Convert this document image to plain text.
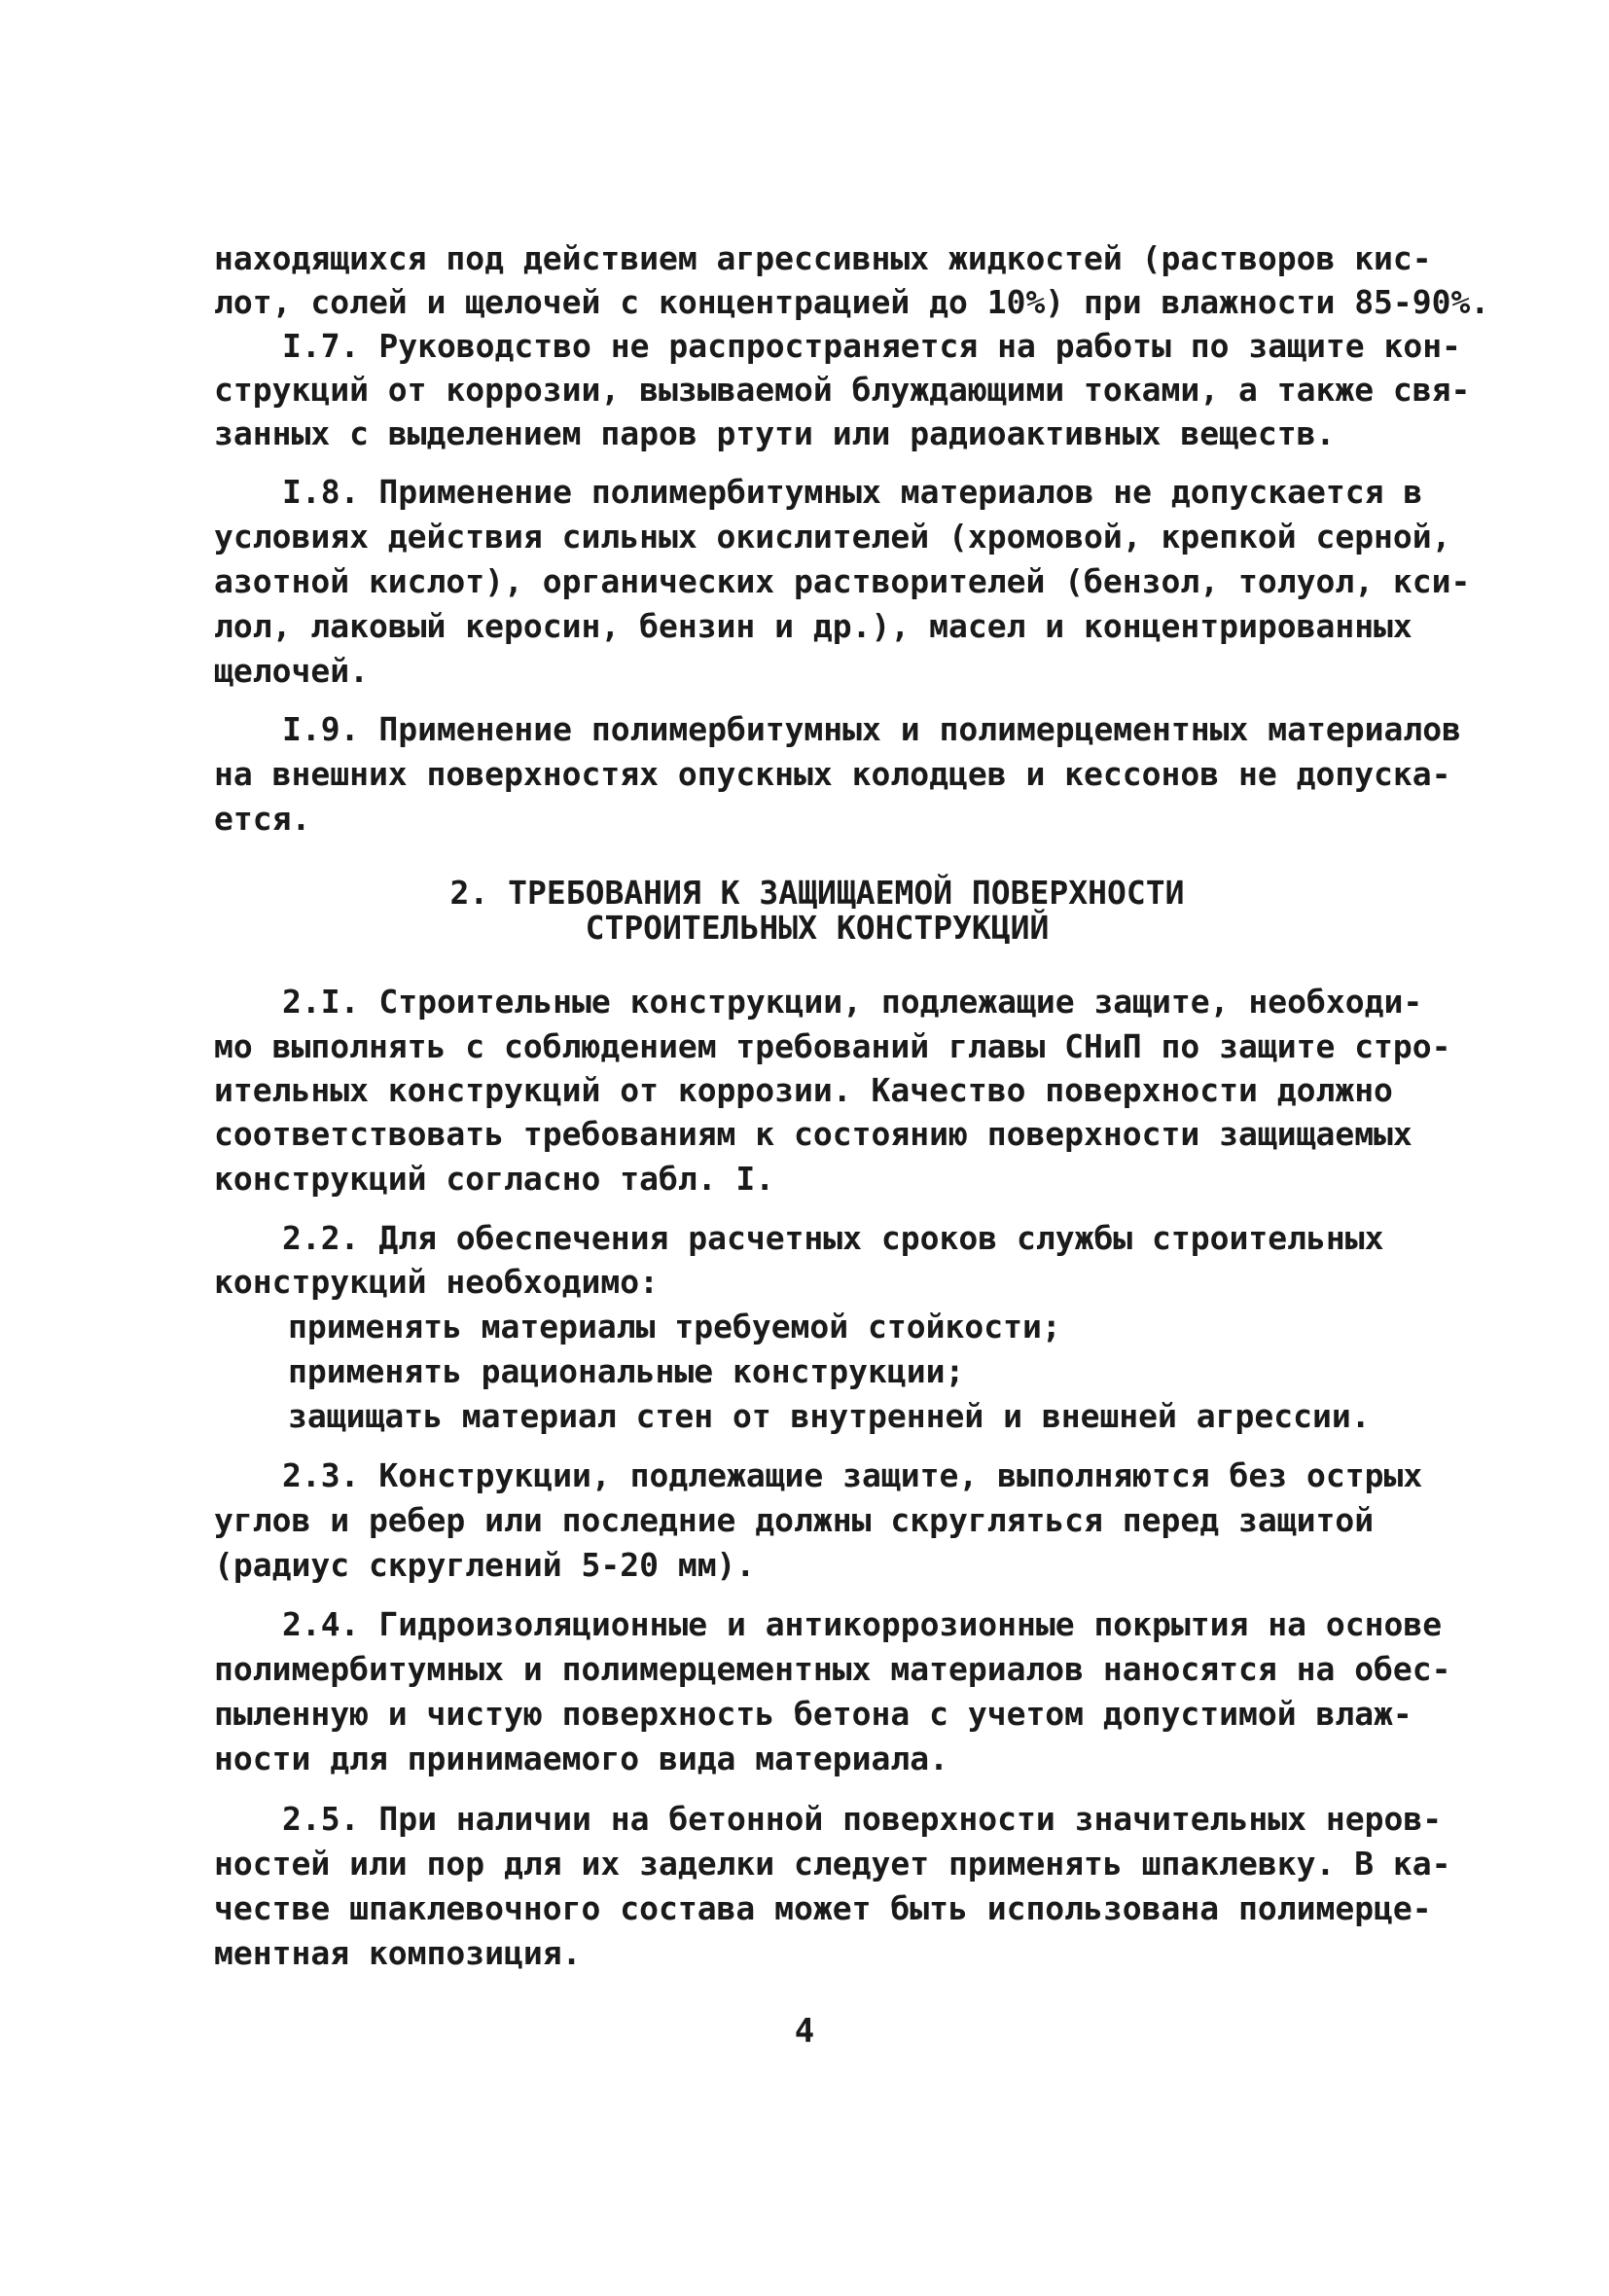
находящихся под действием агрессивных жидкостей (растворов кис-
лот, солей и щелочей с концентрацией до 10%) при влажности 85-90%.
I.7. Руководство не распространяется на работы по защите кон-
струкций от коррозии, вызываемой блуждающими токами, а также свя-
занных с выделением паров ртути или радиоактивных веществ.
I.8. Применение полимербитумных материалов не допускается в
условиях действия сильных окислителей (хромовой, крепкой серной,
азотной кислот), органических растворителей (бензол, толуол, кси-
лол, лаковый керосин, бензин и др.), масел и концентрированных
щелочей.
I.9. Применение полимербитумных и полимерцементных материалов
на внешних поверхностях опускных колодцев и кессонов не допуска-
ется.
2. ТРЕБОВАНИЯ К ЗАЩИЩАЕМОЙ ПОВЕРХНОСТИ
СТРОИТЕЛЬНЫХ КОНСТРУКЦИЙ
2.I. Строительные конструкции, подлежащие защите, необходи-
мо выполнять с соблюдением требований главы СНиП по защите стро-
ительных конструкций от коррозии. Качество поверхности должно
соответствовать требованиям к состоянию поверхности защищаемых
конструкций согласно табл. I.
2.2. Для обеспечения расчетных сроков службы строительных
конструкций необходимо:
применять материалы требуемой стойкости;
применять рациональные конструкции;
защищать материал стен от внутренней и внешней агрессии.
2.3. Конструкции, подлежащие защите, выполняются без острых
углов и ребер или последние должны скругляться перед защитой
(радиус скруглений 5-20 мм).
2.4. Гидроизоляционные и антикоррозионные покрытия на основе
полимербитумных и полимерцементных материалов наносятся на обес-
пыленную и чистую поверхность бетона с учетом допустимой влаж-
ности для принимаемого вида материала.
2.5. При наличии на бетонной поверхности значительных неров-
ностей или пор для их заделки следует применять шпаклевку. В ка-
честве шпаклевочного состава может быть использована полимерце-
ментная композиция.
4
